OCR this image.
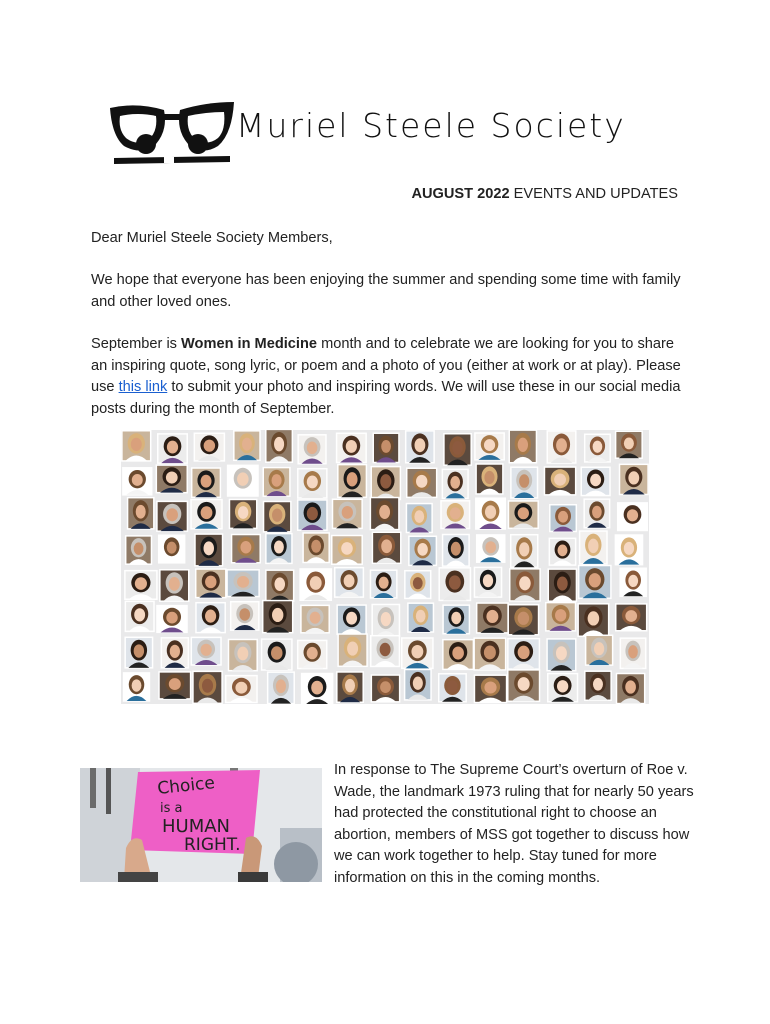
Muriel Steele Society
AUGUST 2022 EVENTS AND UPDATES
Dear Muriel Steele Society Members,
We hope that everyone has been enjoying the summer and spending some time with family and other loved ones.
September is Women in Medicine month and to celebrate we are looking for you to share an inspiring quote, song lyric, or poem and a photo of you (either at work or at play). Please use this link to submit your photo and inspiring words. We will use these in our social media posts during the month of September.
Choice
is a
HUMAN
RIGHT.
In response to The Supreme Court’s overturn of Roe v. Wade, the landmark 1973 ruling that for nearly 50 years had protected the constitutional right to choose an abortion, members of MSS got together to discuss how we can work together to help. Stay tuned for more information on this in the coming months.
